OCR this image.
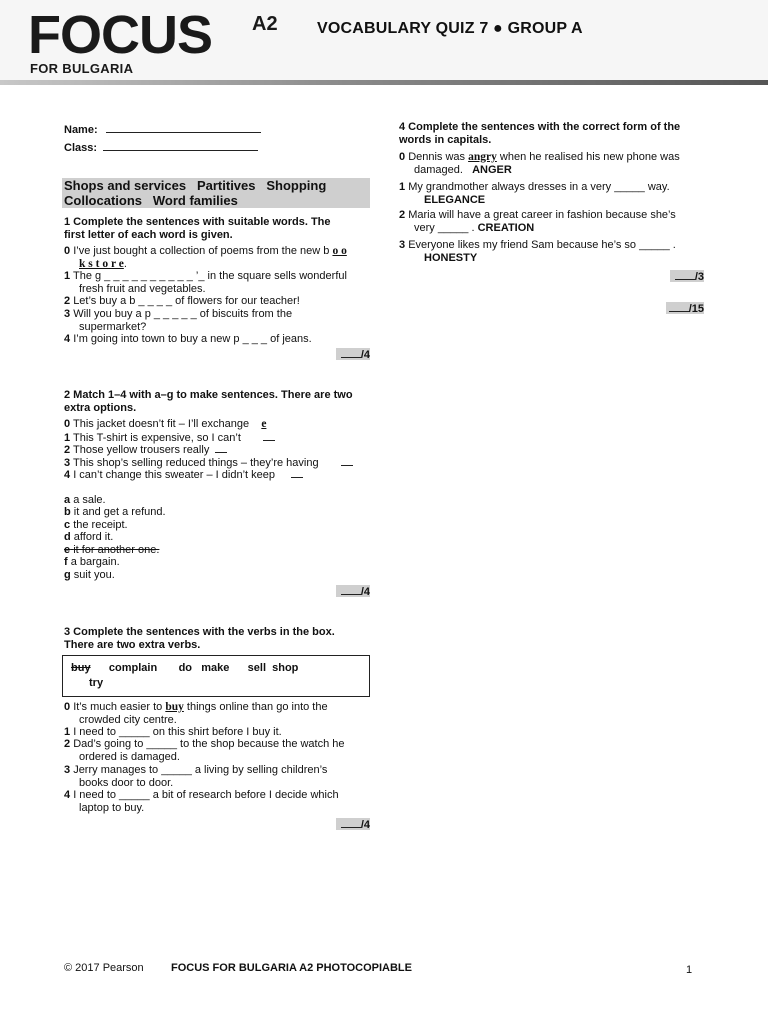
FOCUS A2
FOR BULGARIA
VOCABULARY QUIZ 7 ● GROUP A
Name:
Class:
Shops and services Partitives Shopping
Collocations Word families
1 Complete the sentences with suitable words. The
first letter of each word is given.
0 I’ve just bought a collection of poems from the new b o o
k s t o r e.
1 The g _ _ _ _ _ _ _ _ _ _ ’_ in the square sells wonderful
fresh fruit and vegetables.
2 Let’s buy a b _ _ _ _ of flowers for our teacher!
3 Will you buy a p _ _ _ _ _ of biscuits from the
supermarket?
4 I’m going into town to buy a new p _ _ _ of jeans.
/4
2 Match 1–4 with a–g to make sentences. There are two
extra options.
0 This jacket doesn’t fit – I’ll exchange e
1 This T-shirt is expensive, so I can’t
2 Those yellow trousers really
3 This shop’s selling reduced things – they’re having
4 I can’t change this sweater – I didn’t keep
a a sale.
b it and get a refund.
c the receipt.
d afford it.
e it for another one.
f a bargain.
g suit you.
/4
3 Complete the sentences with the verbs in the box.
There are two extra verbs.
buy complain       do   make      sell  shop
try
0 It’s much easier to buy things online than go into the
crowded city centre.
1 I need to _____ on this shirt before I buy it.
2 Dad’s going to _____ to the shop because the watch he
ordered is damaged.
3 Jerry manages to _____ a living by selling children’s
books door to door.
4 I need to _____ a bit of research before I decide which
laptop to buy.
/4
4 Complete the sentences with the correct form of the
words in capitals.
0 Dennis was angry when he realised his new phone was
damaged. ANGER
1 My grandmother always dresses in a very _____ way.
ELEGANCE
2 Maria will have a great career in fashion because she’s
very _____ . CREATION
3 Everyone likes my friend Sam because he’s so _____ .
HONESTY
/3
/15
© 2017 Pearson FOCUS FOR BULGARIA A2 PHOTOCOPIABLE	1
